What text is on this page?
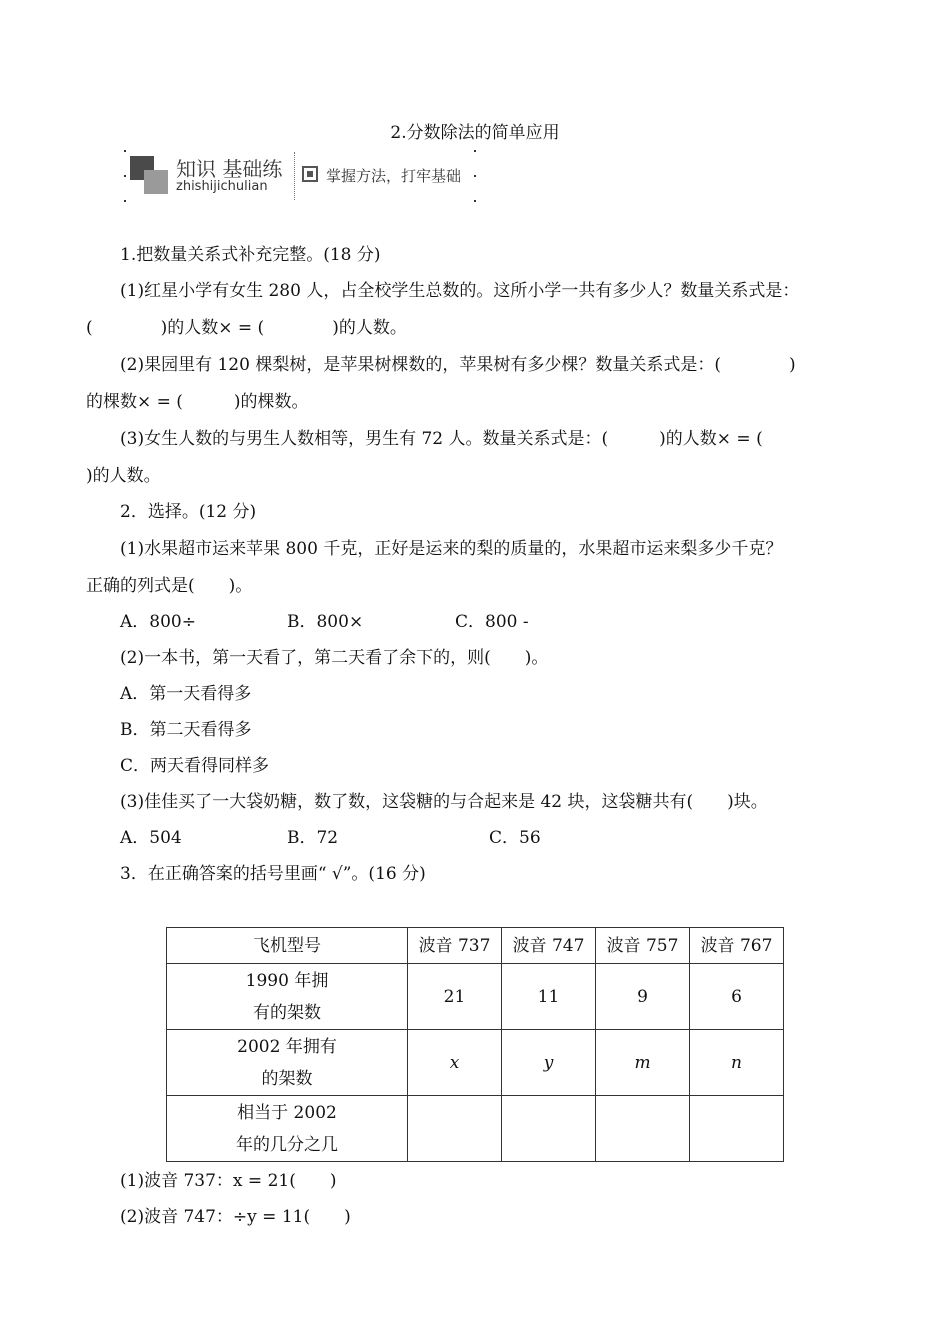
2.分数除法的简单应用
知识 基础练
zhishijichulian
掌握方法，打牢基础
1.把数量关系式补充完整。(18 分)
(1)红星小学有女生 280 人，占全校学生总数的。这所小学一共有多少人？数量关系式是：
(　　　　)的人数× = (　　　　)的人数。
(2)果园里有 120 棵梨树，是苹果树棵数的，苹果树有多少棵？数量关系式是：(　　　　)
的棵数× = (　　　)的棵数。
(3)女生人数的与男生人数相等，男生有 72 人。数量关系式是：(　　　)的人数× = (
)的人数。
2．选择。(12 分)
(1)水果超市运来苹果 800 千克，正好是运来的梨的质量的，水果超市运来梨多少千克？
正确的列式是(　　)。
A．800÷	B．800×	C．800 -
(2)一本书，第一天看了，第二天看了余下的，则(　　)。
A．第一天看得多
B．第二天看得多
C．两天看得同样多
(3)佳佳买了一大袋奶糖，数了数，这袋糖的与合起来是 42 块，这袋糖共有(　　)块。
A．504	B．72	C．56
3．在正确答案的括号里画“ √”。(16 分)
飞机型号	波音 737	波音 747	波音 757	波音 767

1990 年拥
有的架数	21	11	9	6

2002 年拥有
的架数	x	y	m	n

相当于 2002
年的几分之几				

(1)波音 737：x = 21(　　)
(2)波音 747：÷y = 11(　　)
